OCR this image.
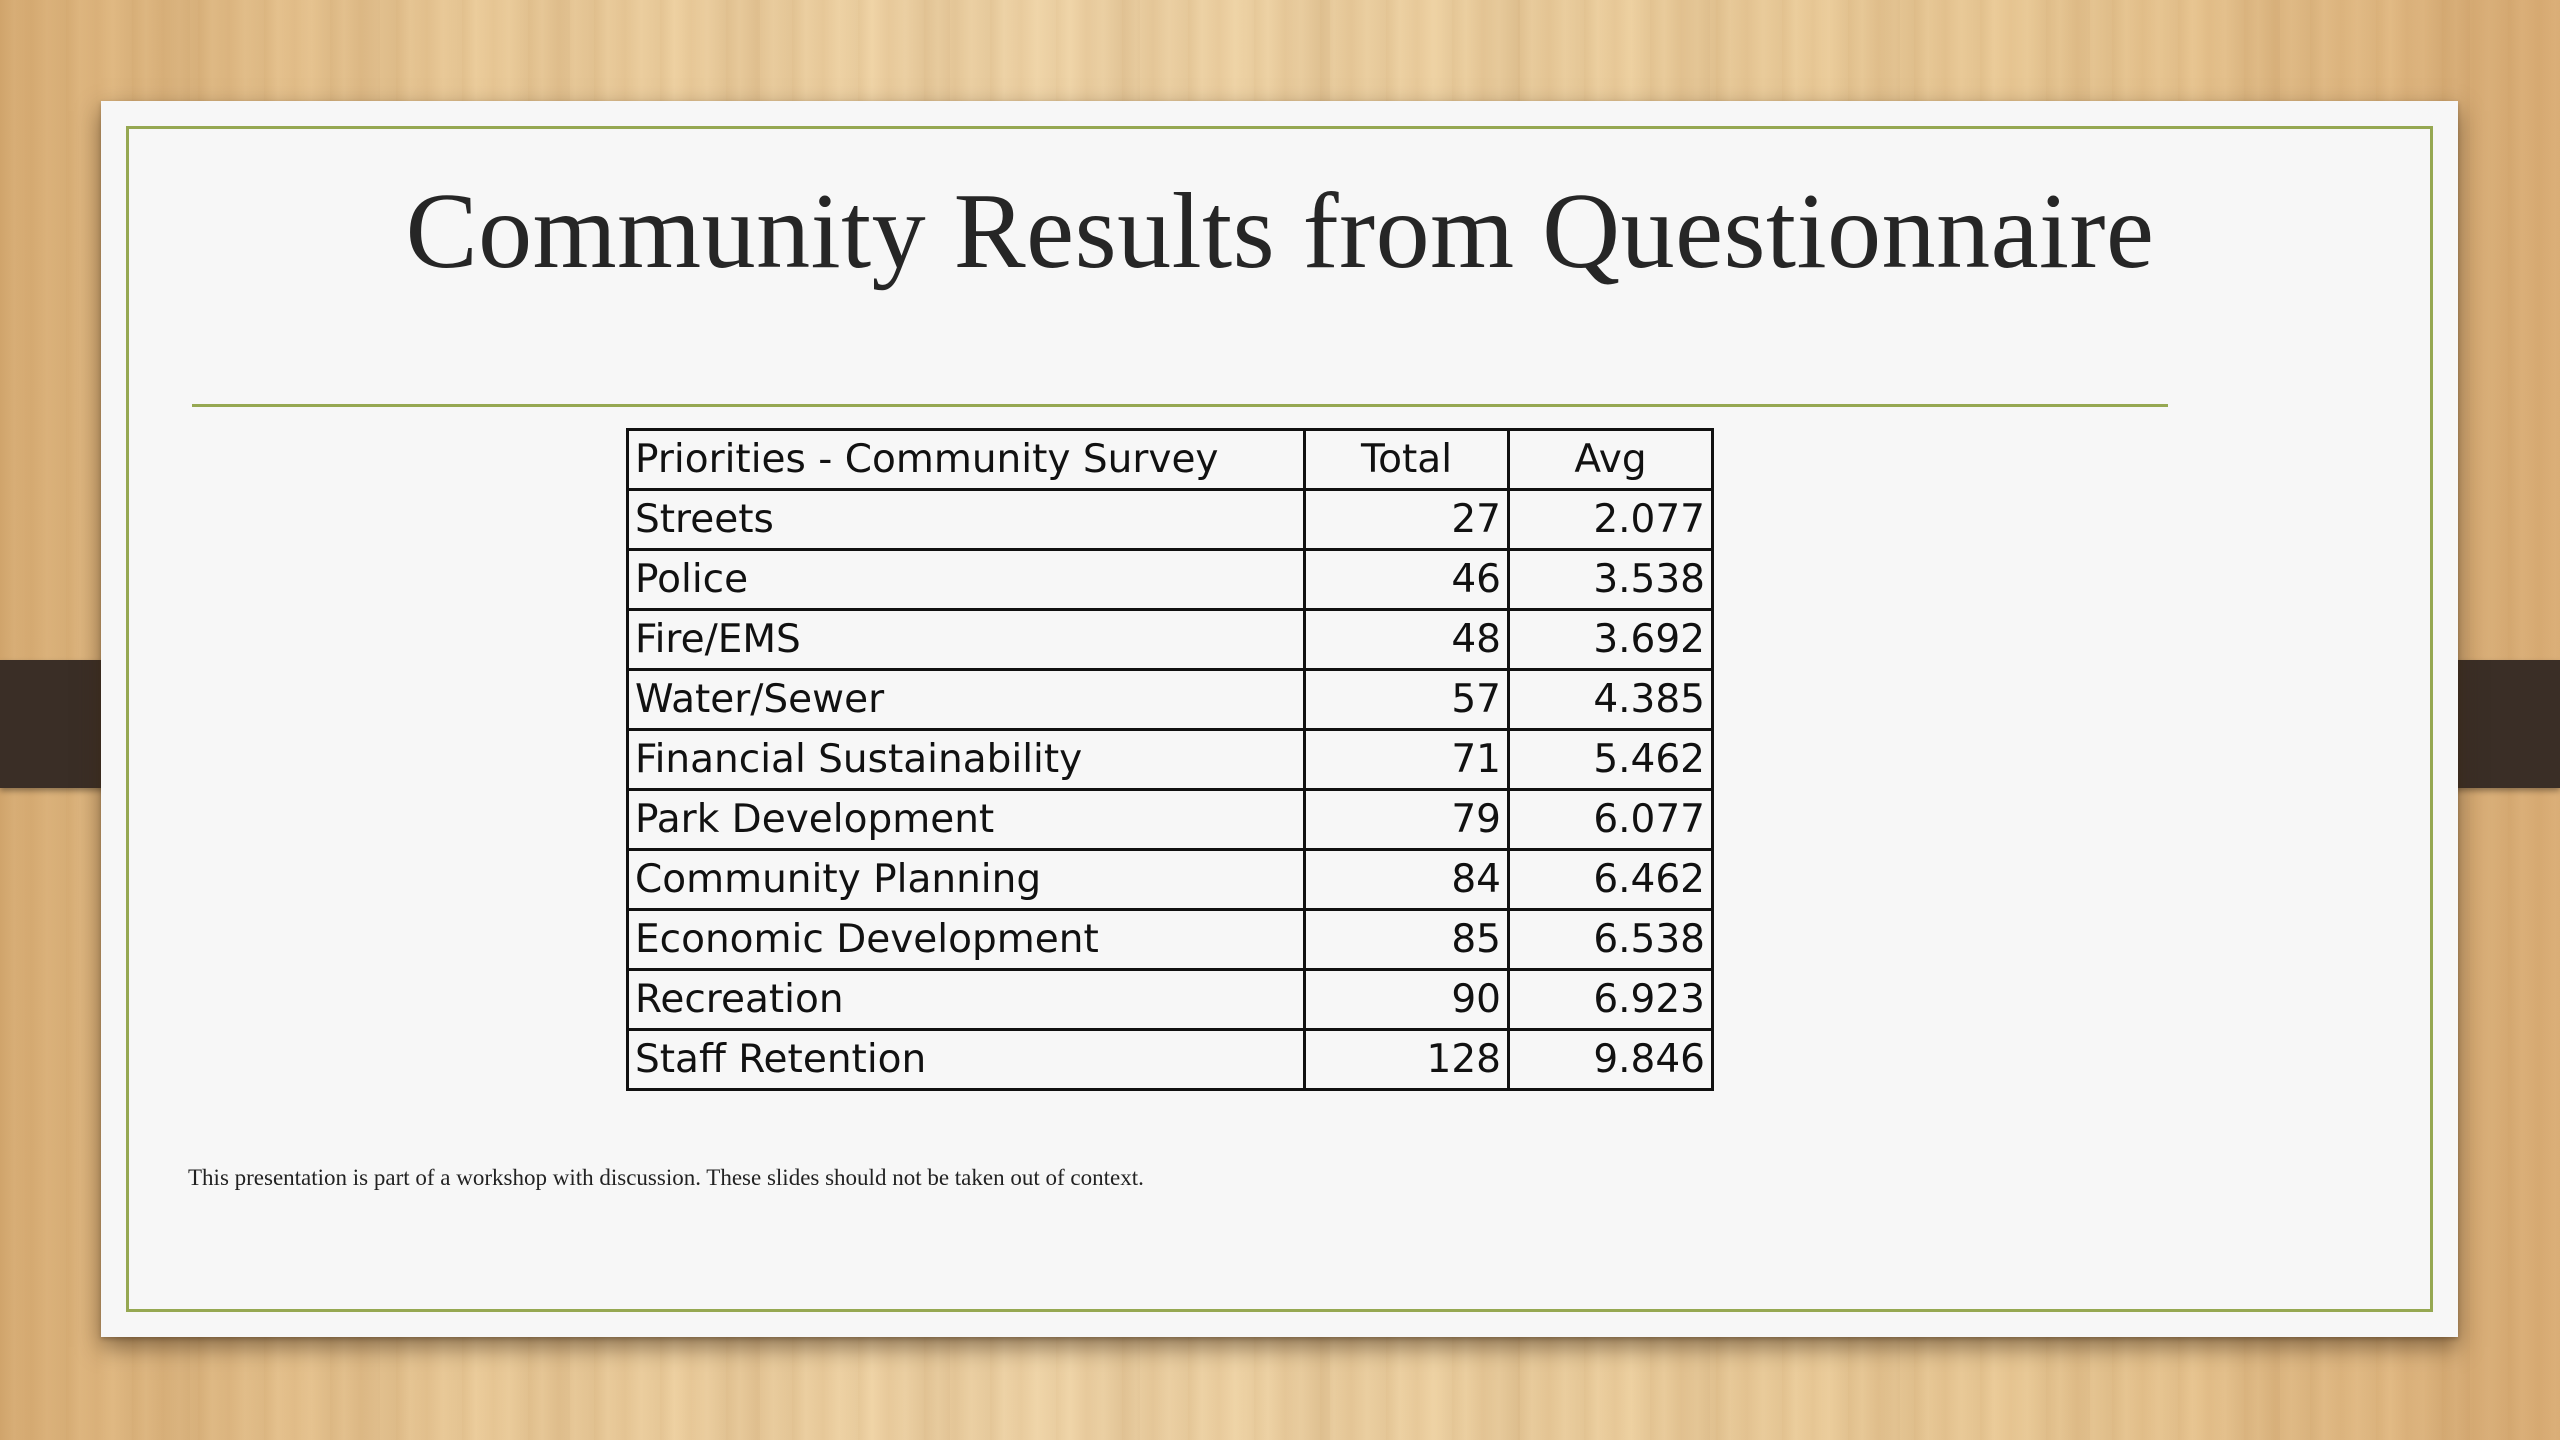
Community Results from Questionnaire
Priorities - Community Survey	Total	Avg
Streets	27	2.077
Police	46	3.538
Fire/EMS	48	3.692
Water/Sewer	57	4.385
Financial Sustainability	71	5.462
Park Development	79	6.077
Community Planning	84	6.462
Economic Development	85	6.538
Recreation	90	6.923
Staff Retention	128	9.846
This presentation is part of a workshop with discussion. These slides should not be taken out of context.
